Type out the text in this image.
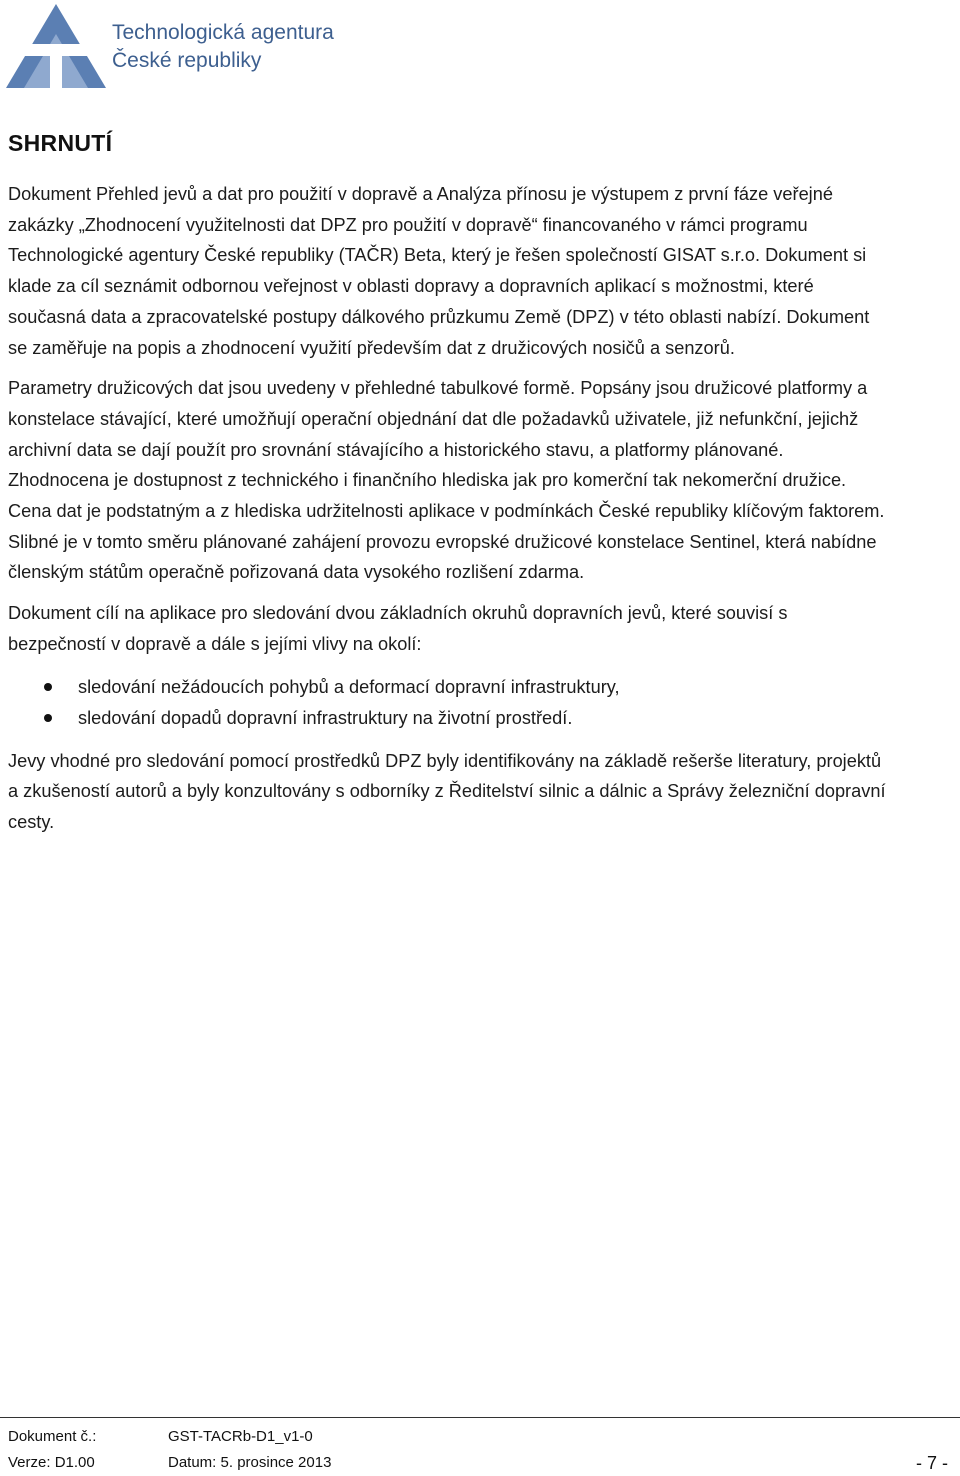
Technologická agentura
České republiky
SHRNUTÍ

Dokument Přehled jevů a dat pro použití v dopravě a Analýza přínosu je výstupem z první fáze veřejné zakázky „Zhodnocení využitelnosti dat DPZ pro použití v dopravě“ financovaného v rámci programu Technologické agentury České republiky (TAČR) Beta, který je řešen společností GISAT s.r.o. Dokument si klade za cíl seznámit odbornou veřejnost v oblasti dopravy a dopravních aplikací s možnostmi, které současná data a zpracovatelské postupy dálkového průzkumu Země (DPZ) v této oblasti nabízí. Dokument se zaměřuje na popis a zhodnocení využití především dat z družicových nosičů a senzorů.

Parametry družicových dat jsou uvedeny v přehledné tabulkové formě. Popsány jsou družicové platformy a konstelace stávající, které umožňují operační objednání dat dle požadavků uživatele, již nefunkční, jejichž archivní data se dají použít pro srovnání stávajícího a historického stavu, a platformy plánované. Zhodnocena je dostupnost z technického i finančního hlediska jak pro komerční tak nekomerční družice. Cena dat je podstatným a z hlediska udržitelnosti aplikace v podmínkách České republiky klíčovým faktorem. Slibné je v tomto směru plánované zahájení provozu evropské družicové konstelace Sentinel, která nabídne členským státům operačně pořizovaná data vysokého rozlišení zdarma.

Dokument cílí na aplikace pro sledování dvou základních okruhů dopravních jevů, které souvisí s bezpečností v dopravě a dále s jejími vlivy na okolí:

sledování nežádoucích pohybů a deformací dopravní infrastruktury,
sledování dopadů dopravní infrastruktury na životní prostředí.

Jevy vhodné pro sledování pomocí prostředků DPZ byly identifikovány na základě rešerše literatury, projektů a zkušeností autorů a byly konzultovány s odborníky z Ředitelství silnic a dálnic a Správy železniční dopravní cesty.

Dokument č.:	GST-TACRb-D1_v1-0
Verze: D1.00	Datum: 5. prosince 2013	- 7 -
